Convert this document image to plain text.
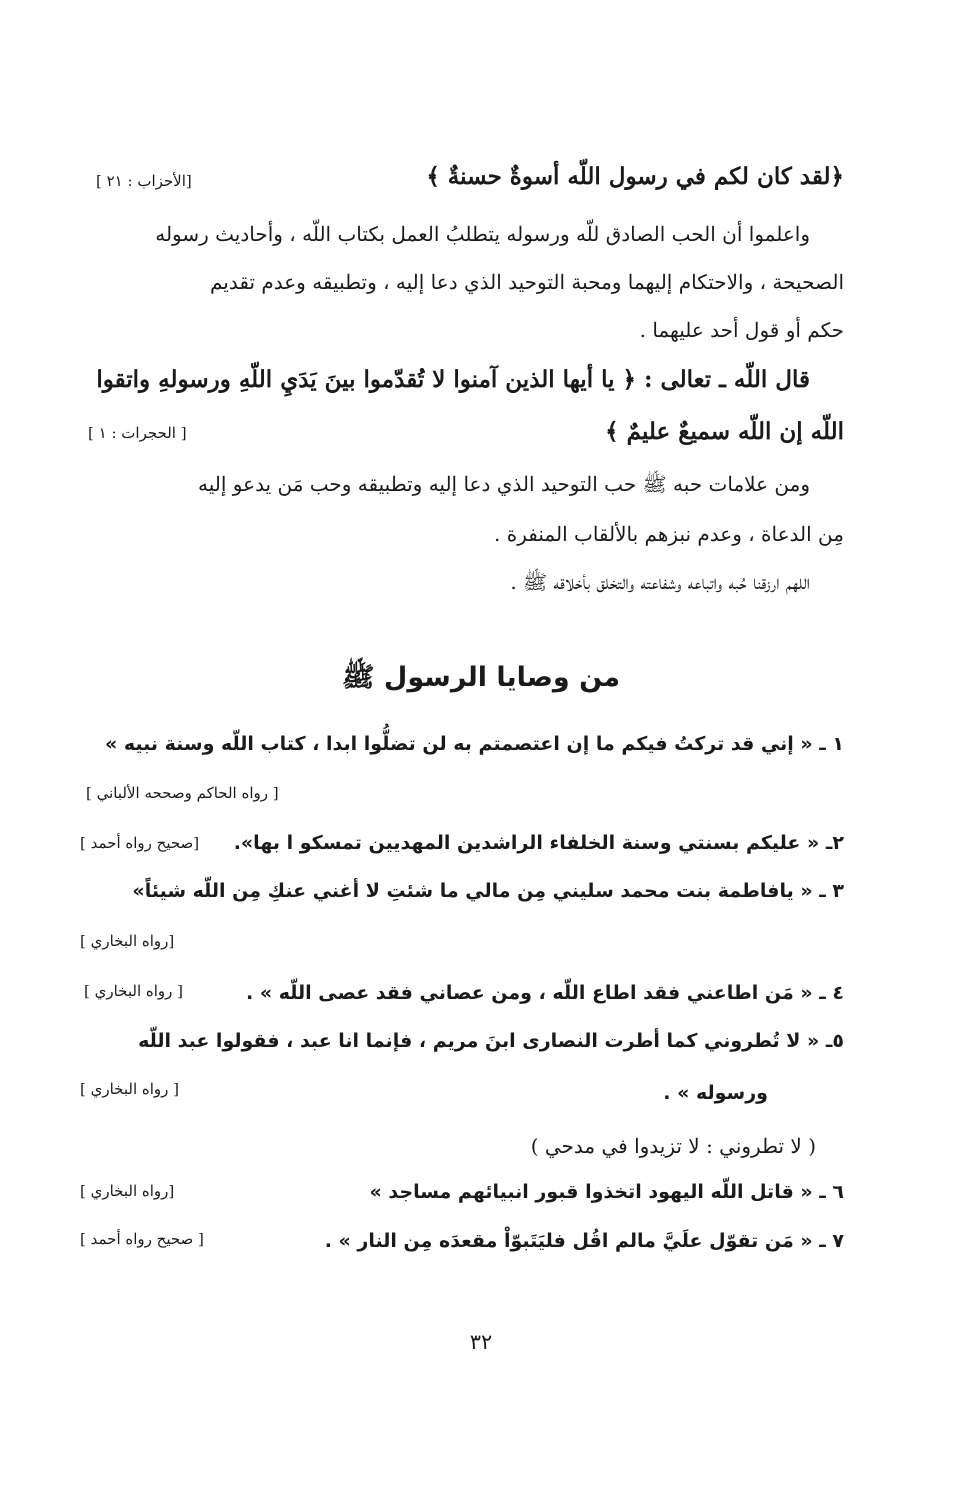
﴿لقد كان لكم في رسول اللّه أسوةٌ حسنةٌ ﴾
[الأحزاب : ٢١ ]
واعلموا أن الحب الصادق للّه ورسوله يتطلبُ العمل بكتاب اللّه ، وأحاديث رسوله
الصحيحة ، والاحتكام إليهما ومحبة التوحيد الذي دعا إليه ، وتطبيقه وعدم تقديم
حكم أو قول أحد عليهما .
قال اللّه ـ تعالى : ﴿ يا أيها الذين آمنوا لا تُقدّموا بينَ يَدَيِ اللّهِ ورسولهِ واتقوا
اللّه إن اللّه سميعٌ عليمٌ ﴾
[ الحجرات : ١ ]
ومن علامات حبه ﷺ حب التوحيد الذي دعا إليه وتطبيقه وحب مَن يدعو إليه
مِن الدعاة ، وعدم نبزهم بالألقاب المنفرة .
اللهم ارزقنا حُبه واتباعه وشفاعته والتخلق بأخلاقه ﷺ .
من وصايا الرسول ﷺ
١ ـ « إني قد تركتُ فيكم ما إن اعتصمتم به لن تضلُّوا ابدا ، كتاب اللّه وسنة نبيه »
[ رواه الحاكم وصححه الألباني ]
٢ـ « عليكم بسنتي وسنة الخلفاء الراشدين المهديين تمسكو ا بها».
[صحيح رواه أحمد ]
٣ ـ « يافاطمة بنت محمد سليني مِن مالي ما شئتِ لا أغني عنكِ مِن اللّه شيئاً»
[رواه البخاري ]
٤ ـ « مَن اطاعني فقد اطاع اللّه ، ومن عصاني فقد عصى اللّه » .
[ رواه البخاري ]
٥ـ « لا تُطروني كما أطرت النصارى ابنَ مريم ، فإنما انا عبد ، فقولوا عبد اللّه
ورسوله » .
[ رواه البخاري ]
( لا تطروني : لا تزيدوا في مدحي )
٦ ـ « قاتل اللّه اليهود اتخذوا قبور انبيائهم مساجد »
[رواه البخاري ]
٧ ـ « مَن تقوّل علَيَّ مالم اقُل فليَتَبوّاْ مقعدَه مِن النار » .
[ صحيح رواه أحمد ]
٣٢
